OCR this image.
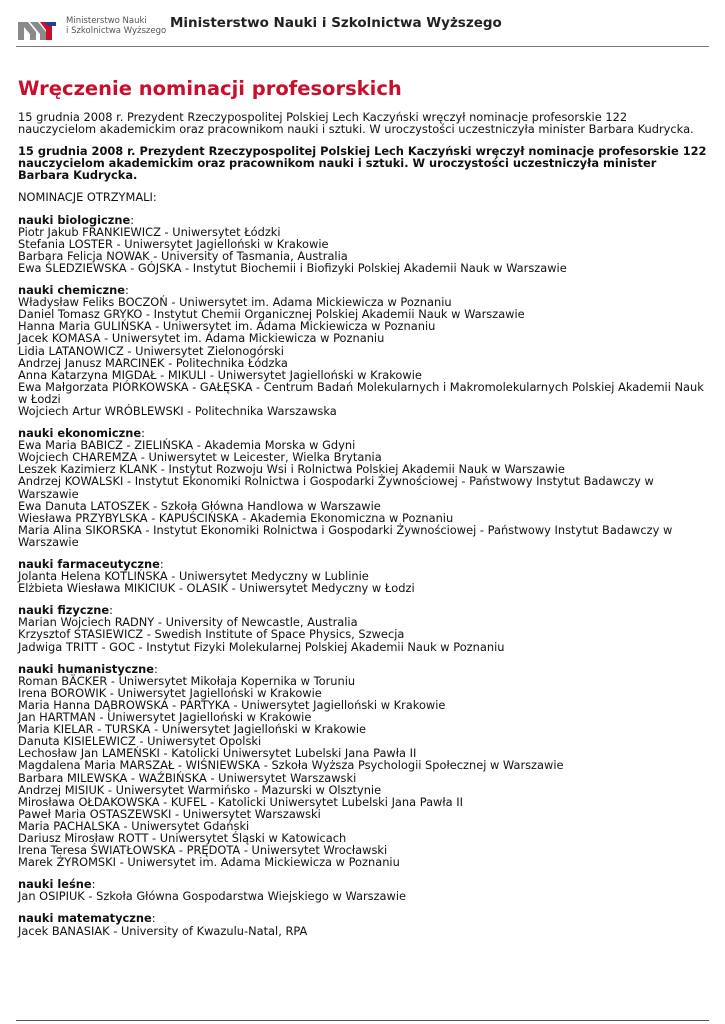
Ministerstwo Nauki
i Szkolnictwa Wyższego Ministerstwo Nauki i Szkolnictwa Wyższego
Wręczenie nominacji profesorskich

15 grudnia 2008 r. Prezydent Rzeczypospolitej Polskiej Lech Kaczyński wręczył nominacje profesorskie 122 nauczycielom akademickim oraz pracownikom nauki i sztuki. W uroczystości uczestniczyła minister Barbara Kudrycka.

15 grudnia 2008 r. Prezydent Rzeczypospolitej Polskiej Lech Kaczyński wręczył nominacje profesorskie 122 nauczycielom akademickim oraz pracownikom nauki i sztuki. W uroczystości uczestniczyła minister Barbara Kudrycka.

NOMINACJE OTRZYMALI:

nauki biologiczne:
Piotr Jakub FRANKIEWICZ - Uniwersytet Łódzki
Stefania LOSTER - Uniwersytet Jagielloński w Krakowie
Barbara Felicja NOWAK - University of Tasmania, Australia
Ewa ŚLEDZIEWSKA - GÓJSKA - Instytut Biochemii i Biofizyki Polskiej Akademii Nauk w Warszawie
nauki chemiczne:
Władysław Feliks BOCZOŃ - Uniwersytet im. Adama Mickiewicza w Poznaniu
Daniel Tomasz GRYKO - Instytut Chemii Organicznej Polskiej Akademii Nauk w Warszawie
Hanna Maria GULIŃSKA - Uniwersytet im. Adama Mickiewicza w Poznaniu
Jacek KOMASA - Uniwersytet im. Adama Mickiewicza w Poznaniu
Lidia LATANOWICZ - Uniwersytet Zielonogórski
Andrzej Janusz MARCINEK - Politechnika Łódzka
Anna Katarzyna MIGDAŁ - MIKULI - Uniwersytet Jagielloński w Krakowie
Ewa Małgorzata PIÓRKOWSKA - GAŁĘSKA - Centrum Badań Molekularnych i Makromolekularnych Polskiej Akademii Nauk w Łodzi
Wojciech Artur WRÓBLEWSKI - Politechnika Warszawska
nauki ekonomiczne:
Ewa Maria BABICZ - ZIELIŃSKA - Akademia Morska w Gdyni
Wojciech CHAREMZA - Uniwersytet w Leicester, Wielka Brytania
Leszek Kazimierz KLANK - Instytut Rozwoju Wsi i Rolnictwa Polskiej Akademii Nauk w Warszawie
Andrzej KOWALSKI - Instytut Ekonomiki Rolnictwa i Gospodarki Żywnościowej - Państwowy Instytut Badawczy w Warszawie
Ewa Danuta LATOSZEK - Szkoła Główna Handlowa w Warszawie
Wiesława PRZYBYLSKA - KAPUŚCIŃSKA - Akademia Ekonomiczna w Poznaniu
Maria Alina SIKORSKA - Instytut Ekonomiki Rolnictwa i Gospodarki Żywnościowej - Państwowy Instytut Badawczy w Warszawie
nauki farmaceutyczne:
Jolanta Helena KOTLIŃSKA - Uniwersytet Medyczny w Lublinie
Elżbieta Wiesława MIKICIUK - OLASIK - Uniwersytet Medyczny w Łodzi
nauki fizyczne:
Marian Wojciech RADNY - University of Newcastle, Australia
Krzysztof STASIEWICZ - Swedish Institute of Space Physics, Szwecja
Jadwiga TRITT - GOC - Instytut Fizyki Molekularnej Polskiej Akademii Nauk w Poznaniu
nauki humanistyczne:
Roman BÄCKER - Uniwersytet Mikołaja Kopernika w Toruniu
Irena BOROWIK - Uniwersytet Jagielloński w Krakowie
Maria Hanna DĄBROWSKA - PARTYKA - Uniwersytet Jagielloński w Krakowie
Jan HARTMAN - Uniwersytet Jagielloński w Krakowie
Maria KIELAR - TURSKA - Uniwersytet Jagielloński w Krakowie
Danuta KISIELEWICZ - Uniwersytet Opolski
Lechosław Jan LAMEŃSKI - Katolicki Uniwersytet Lubelski Jana Pawła II
Magdalena Maria MARSZAŁ - WIŚNIEWSKA - Szkoła Wyższa Psychologii Społecznej w Warszawie
Barbara MILEWSKA - WAŹBIŃSKA - Uniwersytet Warszawski
Andrzej MISIUK - Uniwersytet Warmińsko - Mazurski w Olsztynie
Mirosława OŁDAKOWSKA - KUFEL - Katolicki Uniwersytet Lubelski Jana Pawła II
Paweł Maria OSTASZEWSKI - Uniwersytet Warszawski
Maria PACHALSKA - Uniwersytet Gdański
Dariusz Mirosław ROTT - Uniwersytet Śląski w Katowicach
Irena Teresa ŚWIATŁOWSKA - PRĘDOTA - Uniwersytet Wrocławski
Marek ŻYROMSKI - Uniwersytet im. Adama Mickiewicza w Poznaniu
nauki leśne:
Jan OSIPIUK - Szkoła Główna Gospodarstwa Wiejskiego w Warszawie
nauki matematyczne:
Jacek BANASIAK - University of Kwazulu-Natal, RPA
